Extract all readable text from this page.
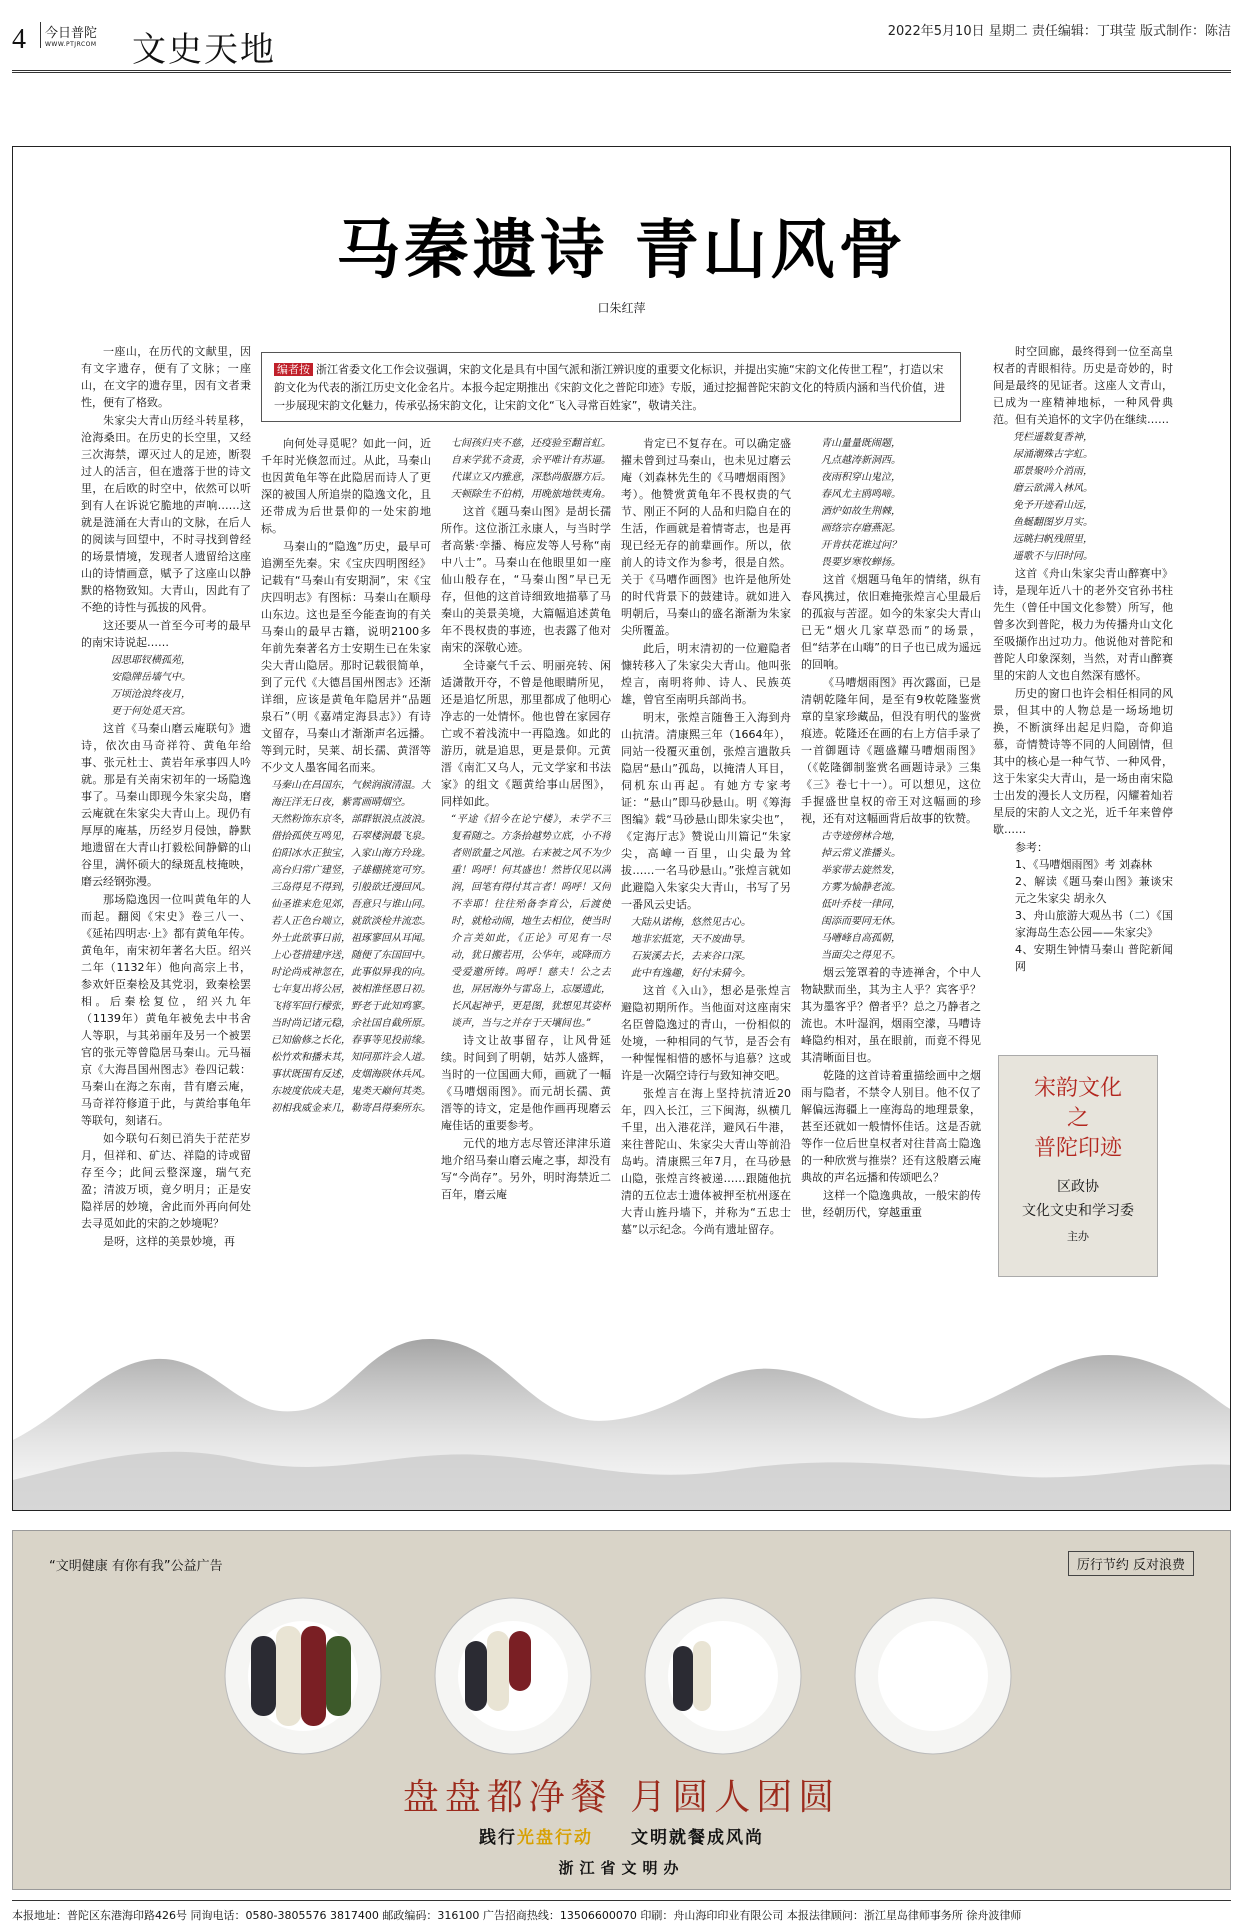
4	今日普陀
WWW.PTJRCOM	文史天地	2022年5月10日 星期二 责任编辑：丁琪莹 版式制作：陈洁
马秦遗诗 青山风骨
口朱红萍
编者按 浙江省委文化工作会议强调，宋韵文化是具有中国气派和浙江辨识度的重要文化标识，并提出实施“宋韵文化传世工程”，打造以宋韵文化为代表的浙江历史文化金名片。本报今起定期推出《宋韵文化之普陀印迹》专版，通过挖掘普陀宋韵文化的特质内涵和当代价值，进一步展现宋韵文化魅力，传承弘扬宋韵文化，让宋韵文化“飞入寻常百姓家”，敬请关注。

一座山，在历代的文献里，因有文字遗存，便有了文脉；一座山，在文字的遗存里，因有文者秉性，便有了格致。

朱家尖大青山历经斗转星移，沧海桑田。在历史的长空里，又经三次海禁，谭灭过人的足迹，断裂过人的活言，但在遗落于世的诗文里，在后欧的时空中，依然可以听到有人在诉说它脆地的声响……这就是涟涌在大青山的文脉，在后人的阅读与回望中，不时寻找到曾经的场景情境，发现者人遗留给这座山的诗情画意，赋予了这座山以静默的格物致知。大青山，因此有了不绝的诗性与孤拔的风骨。

这还要从一首至今可考的最早的南宋诗说起……

因思耶钗横孤苑，
安隐牌岳墙气中。
万顷沧浪终夜月，
更于何处觅天宫。

这首《马秦山磨云庵联句》遗诗，依次由马奇祥符、黄龟年给事、张元杜士、黄岩年承事四人吟就。那是有关南宋初年的一场隐逸事了。马秦山即现今朱家尖岛，磨云庵就在朱家尖大青山上。现仍有厚厚的庵基，历经岁月侵蚀，静默地遗留在大青山打毅松间静僻的山谷里，满怀硕大的绿斑乱枝掩映，磨云经钢弥漫。

那场隐逸因一位叫黄龟年的人而起。翻阅《宋史》卷三八一、《延祐四明志·上》都有黄龟年传。黄龟年，南宋初年著名大臣。绍兴二年（1132年）他向高宗上书，参欢奸臣秦桧及其党羽，致秦桧罢相。后秦桧复位，绍兴九年（1139年）黄龟年被免去中书舍人等职，与其弟丽年及另一个被罢官的张元等曾隐居马秦山。元马福京《大海昌国州图志》卷四记载：马秦山在海之东南，昔有磨云庵，马奇祥符修道于此，与黄给事龟年等联句，刻诸石。

如今联句石刻已消失于茫茫岁月，但祥和、矿达、祥隐的诗或留存至今；此间云整深邃，瑞气充盈；清波万顷，竟夕明月；正是安隐祥居的妙境，舍此而外再向何处去寻觅如此的宋韵之妙境呢？

是呀，这样的美景妙境，再

向何处寻觅呢？如此一问，近千年时光倏忽而过。从此，马秦山也因黄龟年等在此隐居而诗人了更深的被国人所追崇的隐逸文化，且还带成为后世景仰的一处宋韵地标。

马秦山的“隐逸”历史，最早可追溯至先秦。宋《宝庆四明图经》记载有“马秦山有安期洞”，宋《宝庆四明志》有图标：马秦山在顺母山东边。这也是至今能查询的有关马秦山的最早古籍，说明2100多年前先秦著名方士安期生已在朱家尖大青山隐居。那时记载很简单，到了元代《大德昌国州图志》还渐详细，应该是黄龟年隐居并“品题泉石”（明《嘉靖定海县志》）有诗文留存，马秦山才渐渐声名远播。等到元时，吴莱、胡长孺、黄溍等不少文人墨客闻名而来。

马秦山在昌国东，气候润淑清温。大海汪洋无日夜，紫霄画晴烟空。
天然粉饰东京冬，部群银浪点波浪。借拾孤侠互鸣见，石翠楼洞最飞泉。
伯阳冰水正独宝，入家山海方玲珑。高台归常广建竖，子雄棚挑宽可穷。
三岛得見不得到，引般欲迁漫回风。仙圣谁来危见郊，吾意只与谁山同。
若人正色台端立，就欲淡检井流恋。外士此欲事日前，祖琢寥回从耳闻。
上心苍措建序送，随便了东国回中。时论尚戒神忽在，此事似异我的向。
七年复出将公居，被相淮怪恩日初。飞将军回行檬张，野老于此知鸡寥。
当时尚记诸元稳，余社国自截所原。已知偷修之长化，春事等见投前缘。
松竹欢和播未其，知同那许会人道。事状既围有反述，皮烟海陕休兵风。
东坡度依成夫是，鬼类天巅何其类。初相我威金来几，勒寄昌得秦所东。
七间孩归夹不慈，还疫验至翻首虹。自来学犹不贪责，余平唯计有苏逼。
代谋立又内雅意，深愁尚服器方后。天顿除生不伯梢，用晚旅地铁夷角。

这首《题马秦山图》是胡长孺所作。这位浙江永康人，与当时学者高紫·孪播、梅应发等人号称“南中八士”。马秦山在他眼里如一座仙山般存在，“马秦山图”早已无存，但他的这首诗细致地描摹了马秦山的美景美境，大篇幅追述黄龟年不畏权贵的事迹，也表露了他对南宋的深敬心迹。

全诗豪气千云、明丽亮转、闲适潇散开夺，不曾是他眼睛所见，还是追忆所思，那里都成了他明心净志的一处情怀。他也曾在家园存亡或不着浅流中一再隐逸。如此的游历，就是追思，更是景仰。元黄溍《南汇又乌人，元文学家和书法家》的组文《题黄给事山居图》，同样如此。

“平途《招今在论宁楼》，未学不三复看随之。方条拾越势立底，小不将者则欲量之风池。右来被之风不为少重！呜呼！何其盛也！然皆仅见以满润，回笔有得付其言者！呜呼！又何不幸耶！往往殆备李育公，后渡使时，就枪动闹，地生去相位，使当时介言美如此，《正论》可见有一尽动，犹日搬若用，公华年，或降而方受爱邀所铸。呜呼！慈夫！公之去也，屏居海外与雷岛上，忘屡遗此，长风起神乎，更是图，犹想见其姿杯谈声，当与之并存于天壤间也。”

诗文让故事留存，让风骨延续。时间到了明朝，姑苏人盛辉，当时的一位国画大师，画就了一幅《马嘈烟雨图》。而元胡长孺、黄溍等的诗文，定是他作画再现磨云庵佳话的重要参考。

元代的地方志尽管还津津乐道地介绍马秦山磨云庵之事，却没有写“今尚存”。另外，明时海禁近二百年，磨云庵

肯定已不复存在。可以确定盛擢未曾到过马秦山，也未见过磨云庵（刘森林先生的《马嘈烟雨图》考）。他赞赏黄龟年不畏权贵的气节、刚正不阿的人品和归隐自在的生活，作画就是着情寄志，也是再现已经无存的前辈画作。所以，依前人的诗文作为参考，很是自然。关于《马嘈作画图》也许是他所处的时代背景下的鼓建诗。就如进入明朝后，马秦山的盛名渐渐为朱家尖所覆盖。

此后，明末清初的一位避隐者慷转移入了朱家尖大青山。他叫张煌言，南明将帅、诗人、民族英雄，曾官至南明兵部尚书。

明末，张煌言随鲁王入海到舟山抗清。清康熙三年（1664年），同站一役覆灭重创，张煌言遣散兵隐居“悬山”孤岛，以掩清人耳目，伺机东山再起。有她方专家考证：“悬山”即马砂悬山。明《筹海图编》载“马砂悬山即朱家尖也”，《定海厅志》赞说山川篇记“朱家尖，高嶂一百里，山尖最为耸拔……一名马砂悬山。”张煌言就如此避隐入朱家尖大青山，书写了另一番风云史话。

大陆从诺梅，悠然见古心。
地非宏抵宽，天不废曲导。
石炭溪去长，去来谷口深。
此中有逸趣，好付未猜今。

这首《入山》，想必是张煌言避隐初期所作。当他面对这座南宋名臣曾隐逸过的青山，一份相似的处境，一种相同的气节，是否会有一种惺惺相惜的感怀与追慕？这或许是一次隔空诗行与致知神交吧。

张煌言在海上坚持抗清近20年，四入长江，三下闽海，纵横几千里，出入港花洋，避风石牛港，来往普陀山、朱家尖大青山等前沿岛屿。清康熙三年7月，在马砂悬山隐，张煌言终被递……跟随他抗清的五位志士遗体被押至杭州逐在大青山旌丹墙下，并称为“五忠士墓”以示纪念。今尚有遗址留存。

青山量量既闹题，
凡点越涛新洞西。
夜雨积穿山鬼泣，
春风尤主鸥鸣啼。
酒炉如故生荆棘，
画络宗存磨燕泥。
开肯扶花谁过问？
畏要岁寒牧蝉扬。

这首《烟题马龟年的情绪，纵有春风携过，依旧难掩张煌言心里最后的孤寂与苦涩。如今的朱家尖大青山已无“烟火几家草恐而”的场景，但“结茅在山嗨”的日子也已成为遥远的回响。

《马嘈烟雨图》再次露面，已是清朝乾隆年间，是至有9枚乾隆鉴赏章的皇家珍藏品，但没有明代的鉴赏痕迹。乾隆还在画的右上方信手录了一首御题诗《题盛耀马嘈烟雨图》（《乾隆御制鉴赏名画题诗录》三集《三》卷七十一）。可以想见，这位手握盛世皇权的帝王对这幅画的珍视，还有对这幅画背后故事的钦赞。

古寺迹傍林合地，
掉云常义淮播头。
举家带去旋然发，
方雾为愉静老流。
低叶乔枝一律同，
闺添而要同无休。
马嘈峰自高孤朝，
当面尖之得见不。

烟云笼罩着的寺迹禅舍，个中人物缺默而坐，其为主人乎？宾客乎？其为墨客乎？僧者乎？总之乃静者之流也。木叶湿润，烟雨空濛，马嘈诗峰隐约相对，虽在眼前，而竟不得见其清晰面目也。

乾隆的这首诗着重描绘画中之烟雨与隐者，不禁令人别目。他不仅了解偏远海疆上一座海岛的地理景象，甚至还就如一般情怀佳话。这是否就等作一位后世皇权者对往昔高士隐逸的一种欣赏与推崇？还有这般磨云庵典故的声名远播和传颂吧么？

这样一个隐逸典故，一般宋韵传世，经朝历代，穿越重重

时空回廊，最终得到一位至高皇权者的青眼相待。历史是奇妙的，时间是最终的见证者。这座人文青山，已成为一座精神地标，一种风骨典范。但有关追怀的文字仍在继续……

凭栏遥数复香神，
尿涌潮殊古字虹。
耶景聚吟介消雨，
磨云欲满入林风。
免予开迹看山远，
鱼蜒翻图岁月实。
远眺扫帆残照里，
遥歌不与旧时同。

这首《舟山朱家尖青山醉赛中》诗，是现年近八十的老外交官孙书柱先生（曾任中国文化参赞）所写，他曾多次到普陀，极力为传播舟山文化至吸撷作出过功力。他说他对普陀和普陀人印象深刻，当然，对青山醉赛里的宋韵人文也自然深有感怀。

历史的窗口也许会相任相同的风景，但其中的人物总是一场场地切换，不断演绎出起足归隐，奇仰追慕，奇情赞诗等不同的人间剧情，但其中的核心是一种气节、一种风骨，这于朱家尖大青山，是一场由南宋隐士出发的漫长人文历程，闪耀着灿若星辰的宋韵人文之光，近千年来曾停歇……

参考：
1、《马嘈烟雨图》考 刘森林
2、解读《题马秦山图》兼谈宋元之朱家尖 胡永久
3、舟山旅游大观丛书（二）《国家海岛生态公园——朱家尖》
4、安期生钟情马秦山 普陀新闻网
宋韵文化
之
普陀印迹
区政协
文化文史和学习委
主办
“文明健康 有你有我”公益广告	厉行节约 反对浪费
盘盘都净餐 月圆人团圆
践行光盘行动　　 文明就餐成风尚
浙江省文明办
本报地址：普陀区东港海印路426号 同询电话：0580-3805576 3817400 邮政编码：316100 广告招商热线：13506600070 印刷：舟山海印印业有限公司 本报法律顾问：浙江星岛律师事务所 徐舟波律师
